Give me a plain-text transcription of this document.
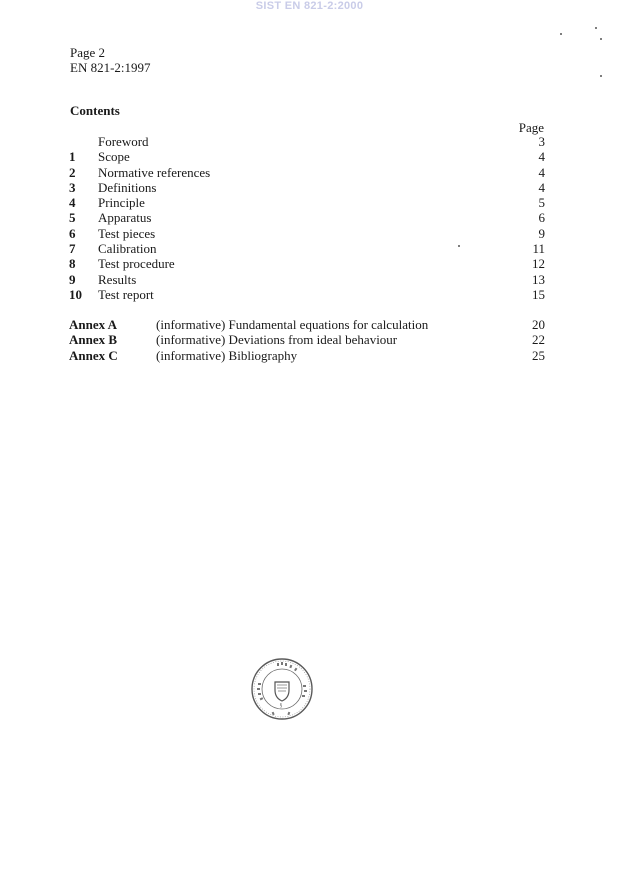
SIST EN 821-2:2000
Page 2
EN 821-2:1997
Contents
Page
Foreword	3
1 Scope	4
2 Normative references	4
3 Definitions	4
4 Principle	5
5 Apparatus	6
6 Test pieces	9
7 Calibration	11
8 Test procedure	12
9 Results	13
10 Test report	15
Annex A	(informative) Fundamental equations for calculation	20
Annex B	(informative) Deviations from ideal behaviour	22
Annex C	(informative) Bibliography	25
§
